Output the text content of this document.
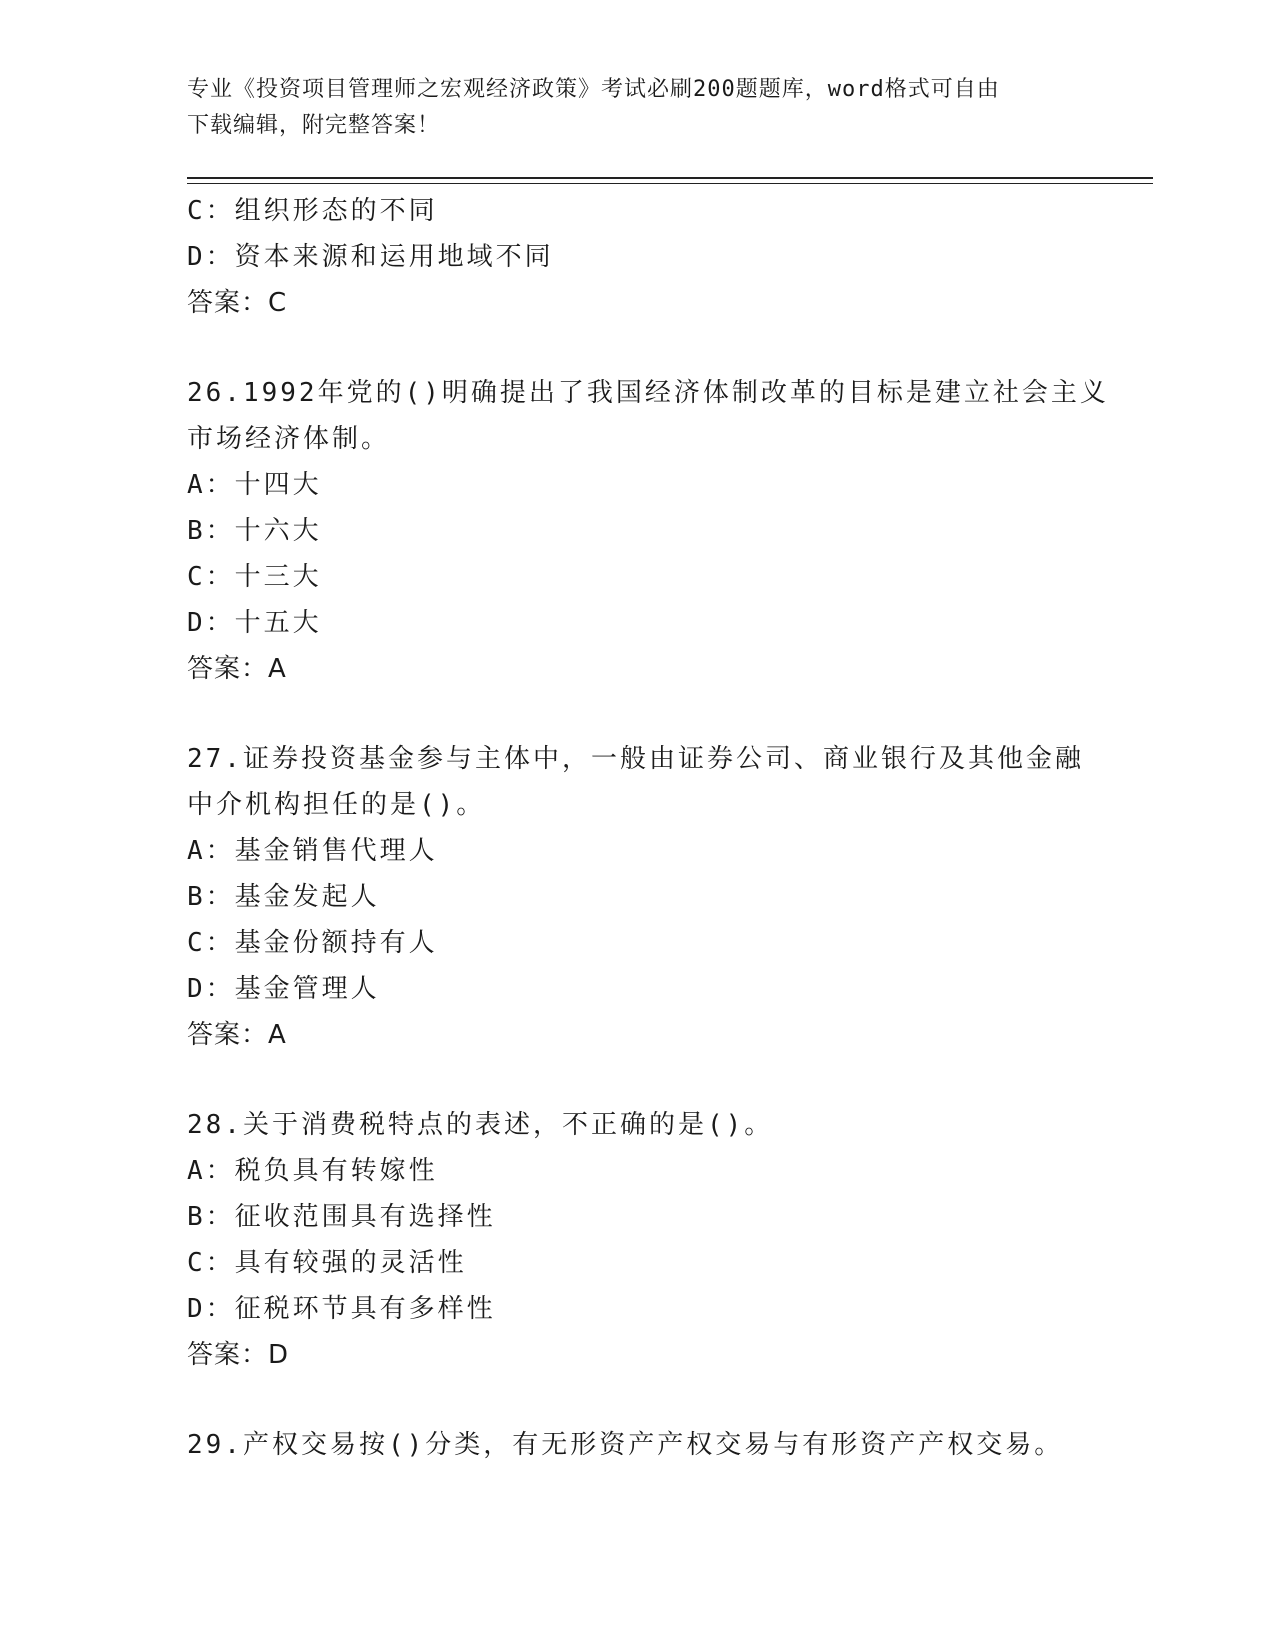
专业《投资项目管理师之宏观经济政策》考试必刷200题题库，word格式可自由
下载编辑，附完整答案！
C：组织形态的不同
D：资本来源和运用地域不同
答案：C
26.1992年党的()明确提出了我国经济体制改革的目标是建立社会主义
市场经济体制。
A：十四大
B：十六大
C：十三大
D：十五大
答案：A
27.证券投资基金参与主体中，一般由证券公司、商业银行及其他金融
中介机构担任的是()。
A：基金销售代理人
B：基金发起人
C：基金份额持有人
D：基金管理人
答案：A
28.关于消费税特点的表述，不正确的是()。
A：税负具有转嫁性
B：征收范围具有选择性
C：具有较强的灵活性
D：征税环节具有多样性
答案：D
29.产权交易按()分类，有无形资产产权交易与有形资产产权交易。
